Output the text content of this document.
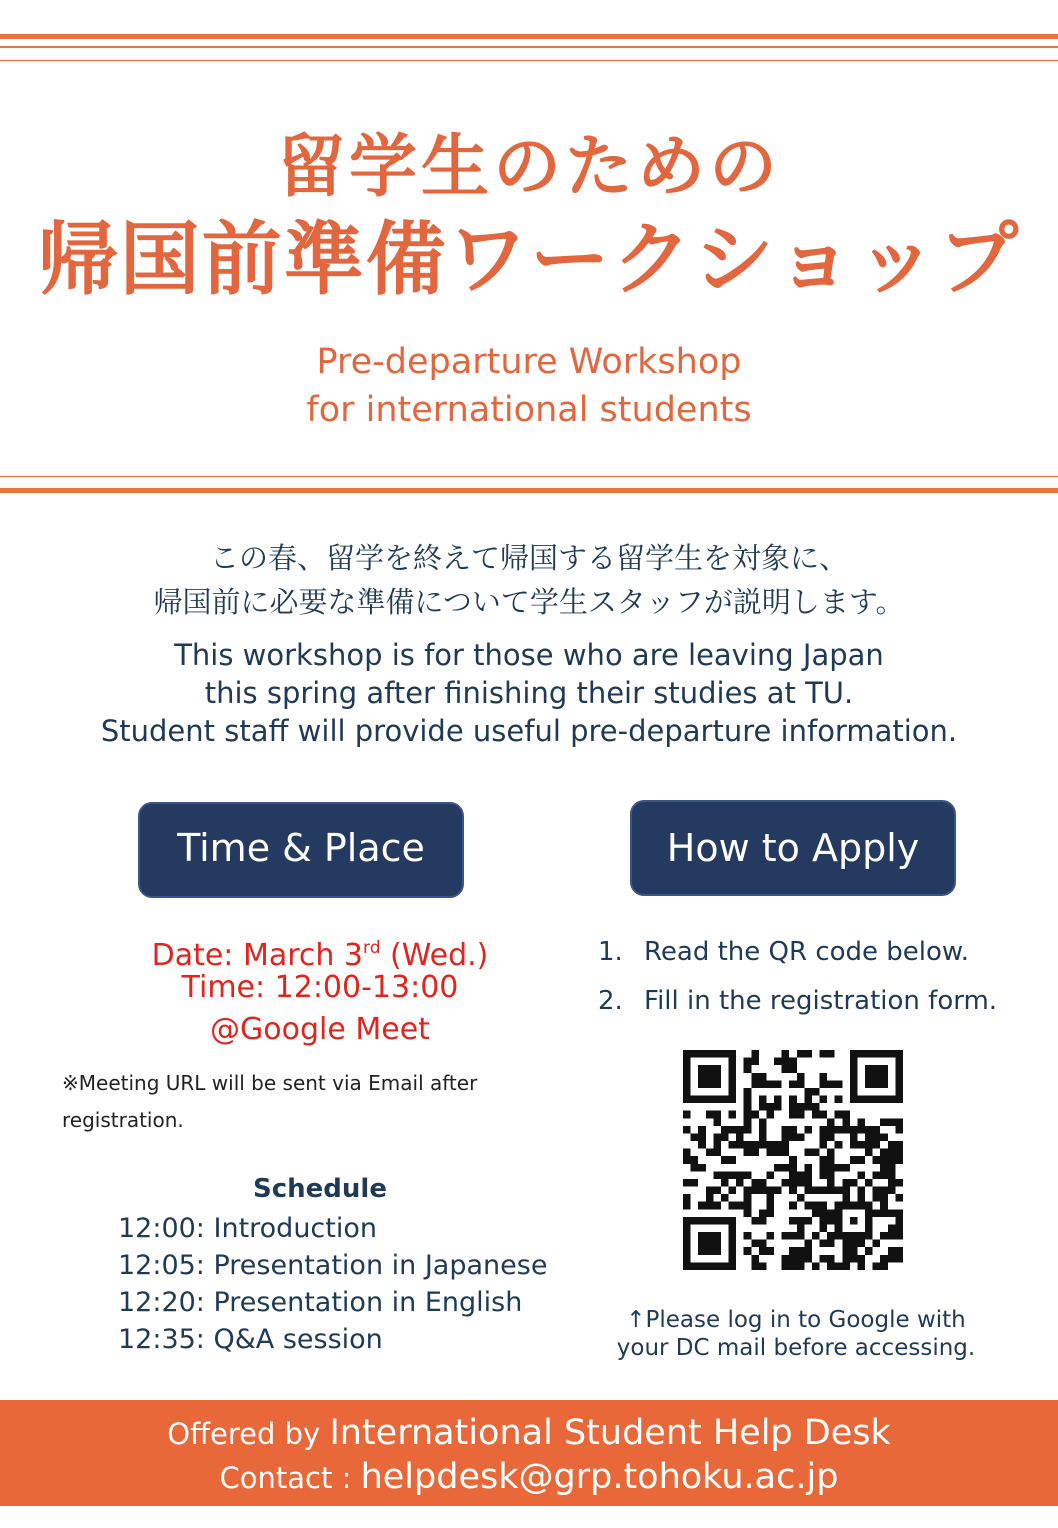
留学生のための
帰国前準備ワークショップ
Pre-departure Workshop
for international students
この春、留学を終えて帰国する留学生を対象に、
帰国前に必要な準備について学生スタッフが説明します。
This workshop is for those who are leaving Japan
this spring after finishing their studies at TU.
Student staff will provide useful pre-departure information.
Time & Place	How to Apply
Date: March 3rd (Wed.)
Time: 12:00-13:00
@Google Meet
※Meeting URL will be sent via Email after
registration.
Schedule
12:00: Introduction
12:05: Presentation in Japanese
12:20: Presentation in English
12:35: Q&A session
1. Read the QR code below.
2. Fill in the registration form.
↑Please log in to Google with
your DC mail before accessing.
Offered by International Student Help Desk
Contact : helpdesk@grp.tohoku.ac.jp
